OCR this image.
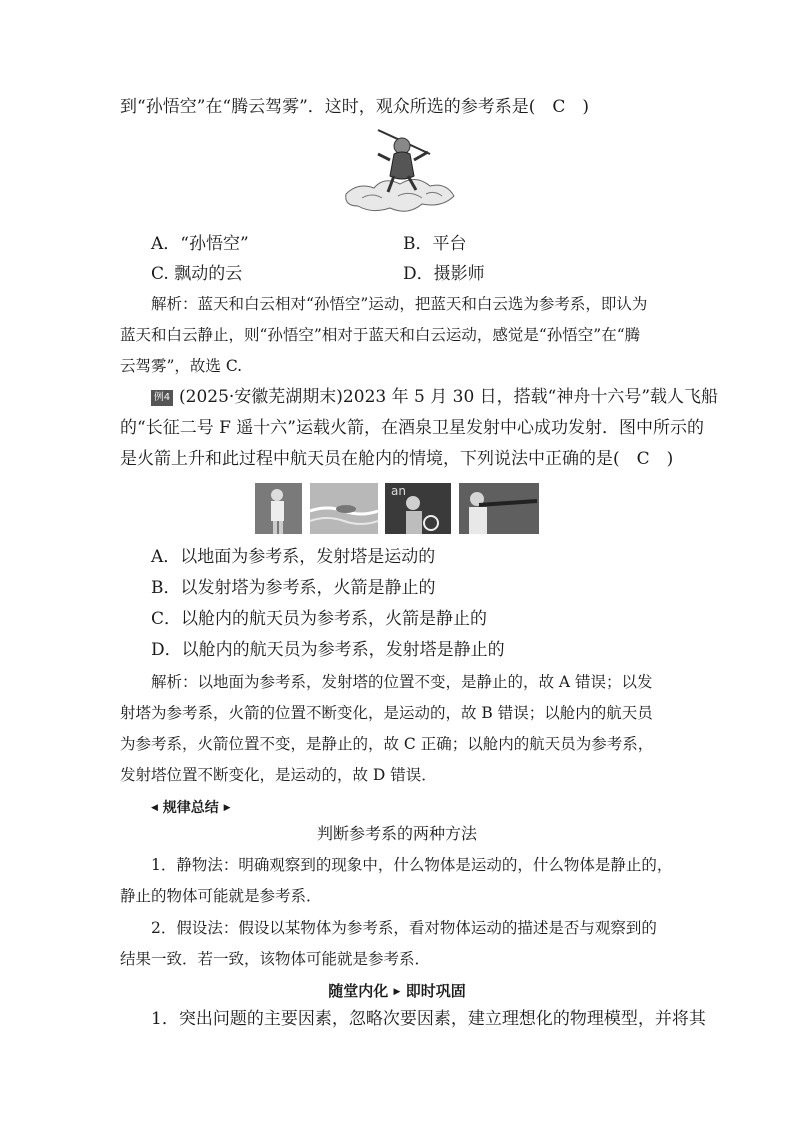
到“孙悟空”在“腾云驾雾”．这时，观众所选的参考系是(　C　)
A．“孙悟空”	B．平台
C. 飘动的云	D．摄影师
解析：蓝天和白云相对“孙悟空”运动，把蓝天和白云选为参考系，即认为
蓝天和白云静止，则“孙悟空”相对于蓝天和白云运动，感觉是“孙悟空”在“腾
云驾雾”，故选 C.
例4 (2025·安徽芜湖期末)2023 年 5 月 30 日，搭载“神舟十六号”载人飞船
的“长征二号 F 遥十六”运载火箭，在酒泉卫星发射中心成功发射．图中所示的
是火箭上升和此过程中航天员在舱内的情境，下列说法中正确的是(　C　)
an
A．以地面为参考系，发射塔是运动的
B．以发射塔为参考系，火箭是静止的
C．以舱内的航天员为参考系，火箭是静止的
D．以舱内的航天员为参考系，发射塔是静止的
解析：以地面为参考系，发射塔的位置不变，是静止的，故 A 错误；以发
射塔为参考系，火箭的位置不断变化，是运动的，故 B 错误；以舱内的航天员
为参考系，火箭位置不变，是静止的，故 C 正确；以舱内的航天员为参考系，
发射塔位置不断变化，是运动的，故 D 错误．
◀ 规律总结 ▶
判断参考系的两种方法
1．静物法：明确观察到的现象中，什么物体是运动的，什么物体是静止的，
静止的物体可能就是参考系．
2．假设法：假设以某物体为参考系，看对物体运动的描述是否与观察到的
结果一致．若一致，该物体可能就是参考系．
随堂内化 ▶ 即时巩固
1．突出问题的主要因素，忽略次要因素，建立理想化的物理模型，并将其
